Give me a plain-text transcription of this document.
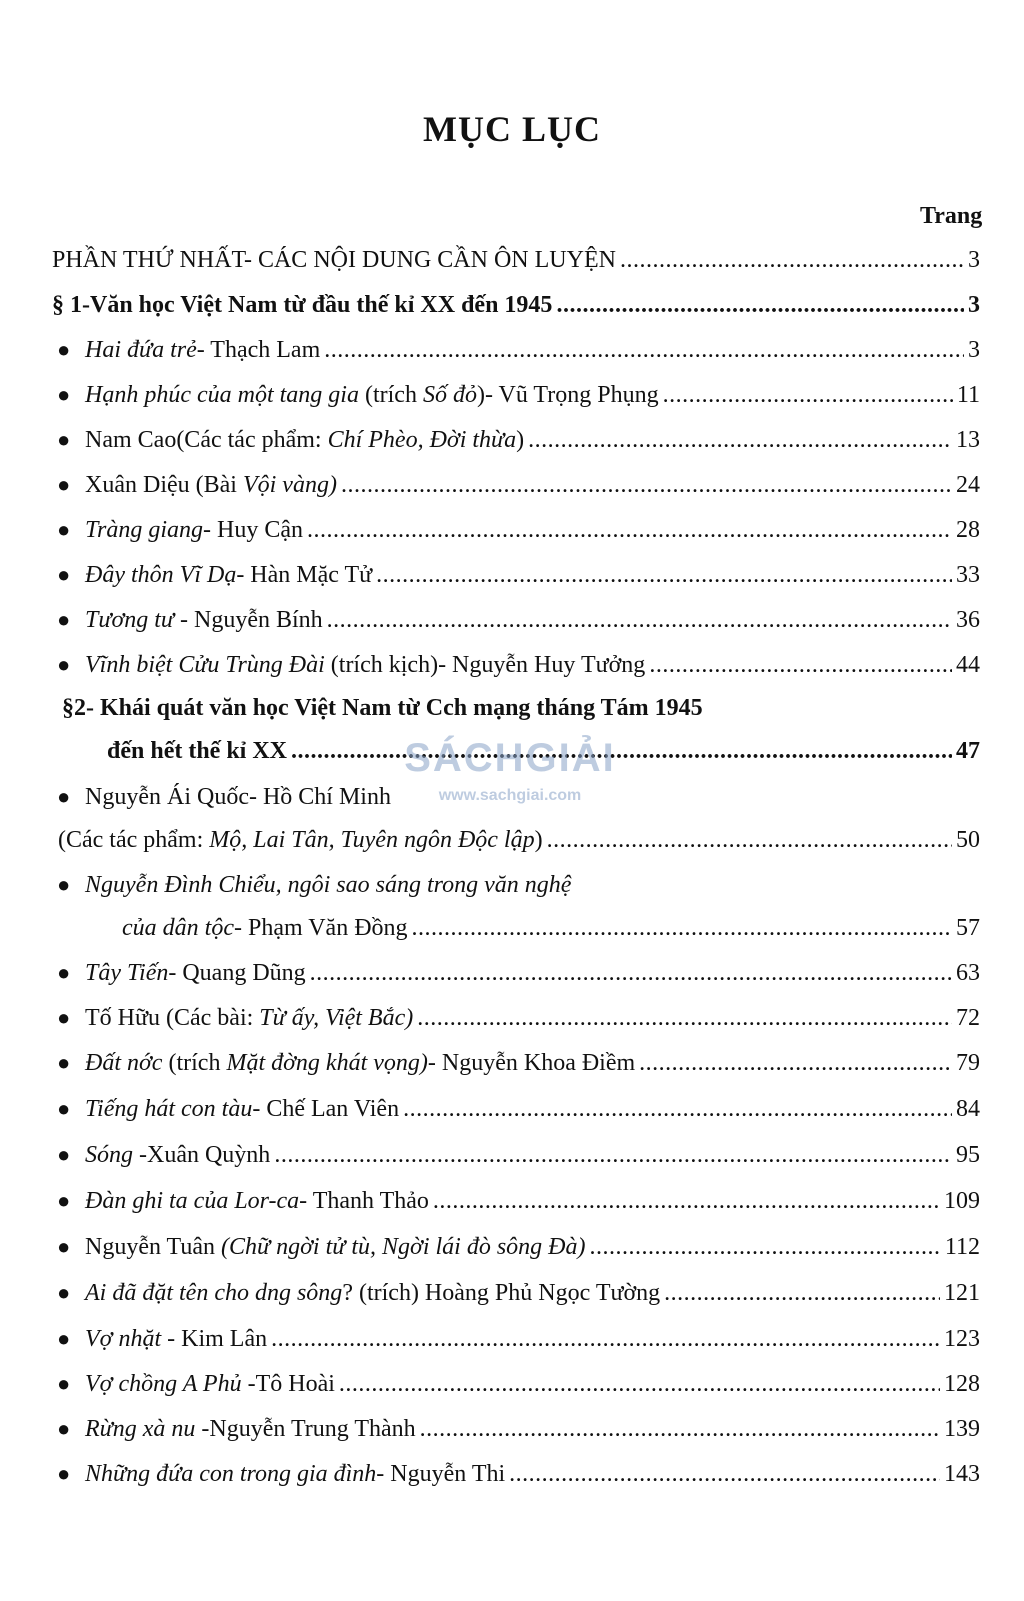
MỤC LỤC
Trang
PHẦN THỨ NHẤT- CÁC NỘI DUNG CẦN ÔN LUYỆN .....	3
§ 1-Văn học Việt Nam từ đầu thế kỉ XX đến 1945 .....	3
● Hai đứa trẻ- Thạch Lam .....	3
● Hạnh phúc của một tang gia (trích Số đỏ)- Vũ Trọng Phụng .....	11
● Nam Cao(Các tác phẩm: Chí Phèo, Đời thừa) .....	13
● Xuân Diệu (Bài Vội vàng) .....	24
● Tràng giang- Huy Cận .....	28
● Đây thôn Vĩ Dạ- Hàn Mặc Tử .....	33
● Tương tư - Nguyễn Bính .....	36
● Vĩnh biệt Cửu Trùng Đài (trích kịch)- Nguyễn Huy Tưởng .....	44
§2- Khái quát văn học Việt Nam từ Cch mạng tháng Tám 1945
đến hết thế kỉ XX .....	47
● Nguyễn Ái Quốc- Hồ Chí Minh
(Các tác phẩm: Mộ, Lai Tân, Tuyên ngôn Độc lập) .....	50
● Nguyễn Đình Chiểu, ngôi sao sáng trong văn nghệ
của dân tộc- Phạm Văn Đồng .....	57
● Tây Tiến- Quang Dũng .....	63
● Tố Hữu (Các bài: Từ ấy, Việt Bắc) .....	72
● Đất nớc (trích Mặt đờng khát vọng)- Nguyễn Khoa Điềm .....	79
● Tiếng hát con tàu- Chế Lan Viên .....	84
● Sóng -Xuân Quỳnh .....	95
● Đàn ghi ta của Lor-ca- Thanh Thảo .....	109
● Nguyễn Tuân (Chữ ngời tử tù, Ngời lái đò sông Đà) .....	112
● Ai đã đặt tên cho dng sông? (trích) Hoàng Phủ Ngọc Tường .....	121
● Vợ nhặt - Kim Lân .....	123
● Vợ chồng A Phủ -Tô Hoài .....	128
● Rừng xà nu -Nguyễn Trung Thành .....	139
● Những đứa con trong gia đình- Nguyễn Thi .....	143
SÁCHGIẢI
www.sachgiai.com
